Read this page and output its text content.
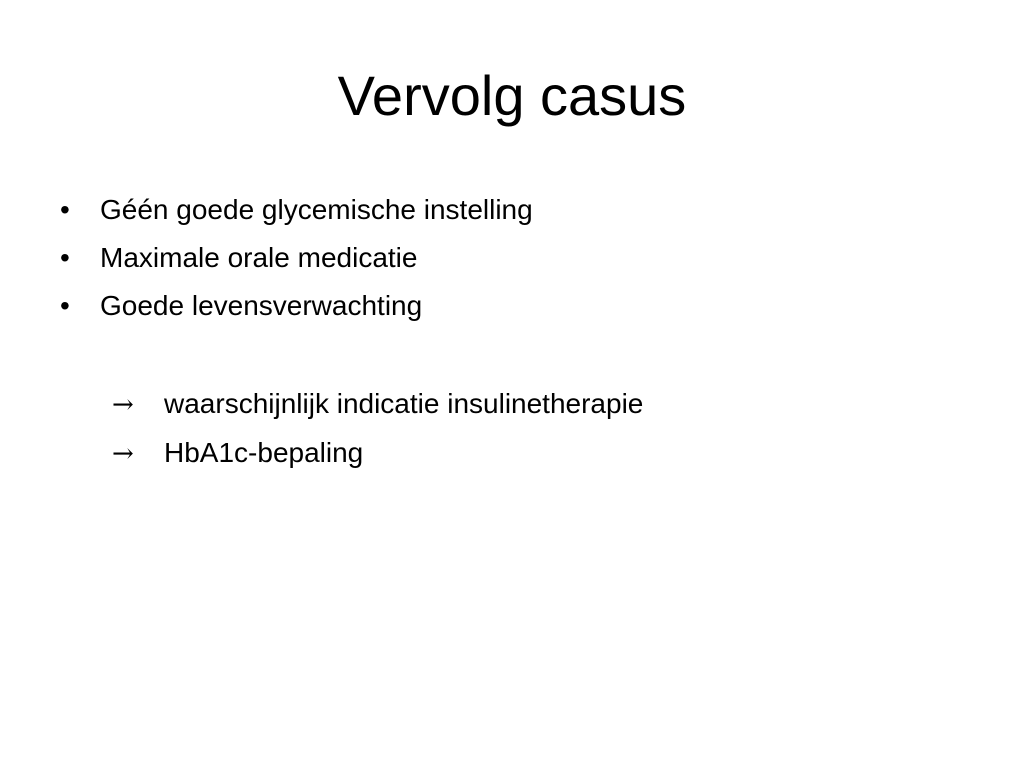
Vervolg casus
•	Géén goede glycemische instelling
•	Maximale orale medicatie
•	Goede levensverwachting
→	waarschijnlijk indicatie insulinetherapie
→	HbA1c-bepaling
